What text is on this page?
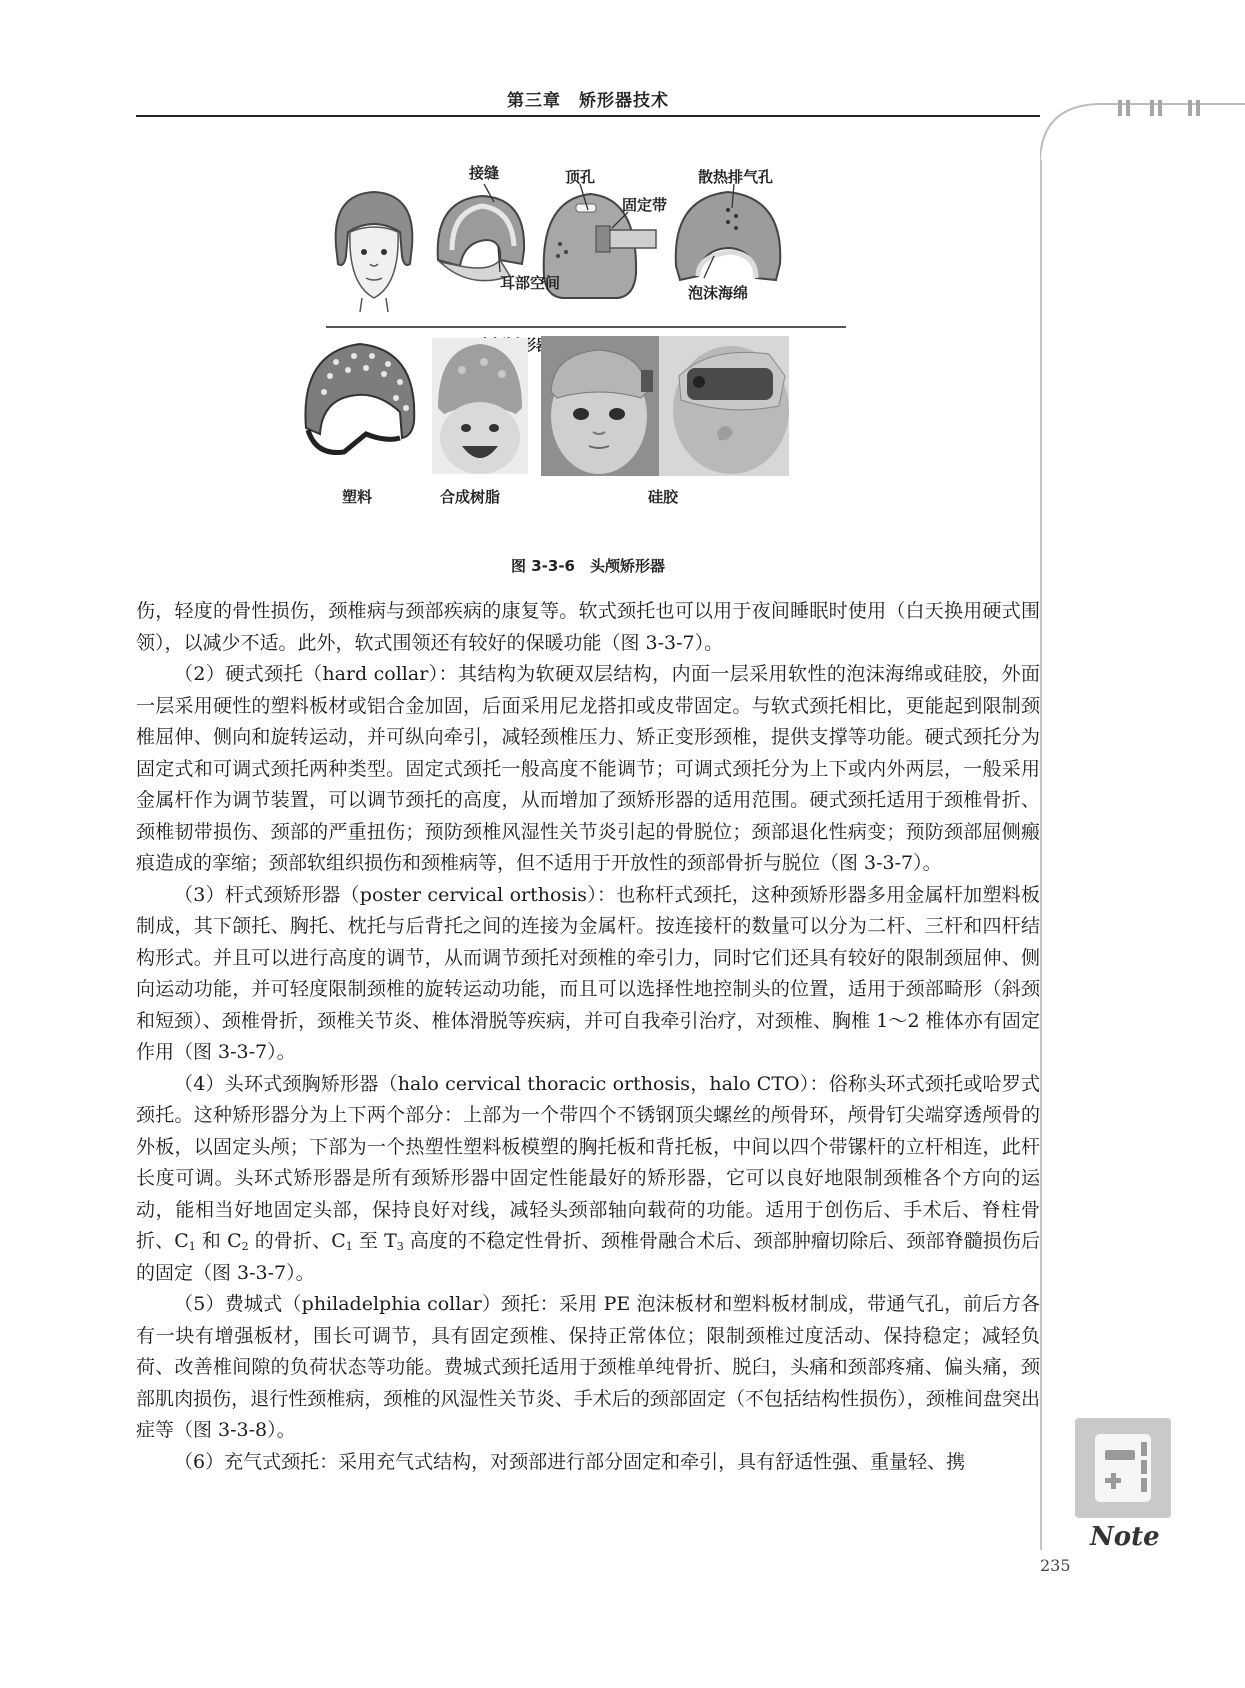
第三章　矫形器技术
Note
235
接缝	顶孔	散热排气孔
固定带
耳部空间
泡沫海绵
塑料	合成树脂	硅胶
图 3-3-6　头颅矫形器

伤，轻度的骨性损伤，颈椎病与颈部疾病的康复等。软式颈托也可以用于夜间睡眠时使用（白天换用硬式围领），以减少不适。此外，软式围领还有较好的保暖功能（图 3-3-7）。

（2）硬式颈托（hard collar）：其结构为软硬双层结构，内面一层采用软性的泡沫海绵或硅胶，外面一层采用硬性的塑料板材或铝合金加固，后面采用尼龙搭扣或皮带固定。与软式颈托相比，更能起到限制颈椎屈伸、侧向和旋转运动，并可纵向牵引，减轻颈椎压力、矫正变形颈椎，提供支撑等功能。硬式颈托分为固定式和可调式颈托两种类型。固定式颈托一般高度不能调节；可调式颈托分为上下或内外两层，一般采用金属杆作为调节装置，可以调节颈托的高度，从而增加了颈矫形器的适用范围。硬式颈托适用于颈椎骨折、颈椎韧带损伤、颈部的严重扭伤；预防颈椎风湿性关节炎引起的骨脱位；颈部退化性病变；预防颈部屈侧瘢痕造成的挛缩；颈部软组织损伤和颈椎病等，但不适用于开放性的颈部骨折与脱位（图 3-3-7）。

（3）杆式颈矫形器（poster cervical orthosis）：也称杆式颈托，这种颈矫形器多用金属杆加塑料板制成，其下颌托、胸托、枕托与后背托之间的连接为金属杆。按连接杆的数量可以分为二杆、三杆和四杆结构形式。并且可以进行高度的调节，从而调节颈托对颈椎的牵引力，同时它们还具有较好的限制颈屈伸、侧向运动功能，并可轻度限制颈椎的旋转运动功能，而且可以选择性地控制头的位置，适用于颈部畸形（斜颈和短颈）、颈椎骨折，颈椎关节炎、椎体滑脱等疾病，并可自我牵引治疗，对颈椎、胸椎 1～2 椎体亦有固定作用（图 3-3-7）。

（4）头环式颈胸矫形器（halo cervical thoracic orthosis，halo CTO）：俗称头环式颈托或哈罗式颈托。这种矫形器分为上下两个部分：上部为一个带四个不锈钢顶尖螺丝的颅骨环，颅骨钉尖端穿透颅骨的外板，以固定头颅；下部为一个热塑性塑料板模塑的胸托板和背托板，中间以四个带镙杆的立杆相连，此杆长度可调。头环式矫形器是所有颈矫形器中固定性能最好的矫形器，它可以良好地限制颈椎各个方向的运动，能相当好地固定头部，保持良好对线，减轻头颈部轴向载荷的功能。适用于创伤后、手术后、脊柱骨折、$C_1$ 和 $C_2$ 的骨折、$C_1$ 至 $T_3$ 高度的不稳定性骨折、颈椎骨融合术后、颈部肿瘤切除后、颈部脊髓损伤后的固定（图 3-3-7）。

（5）费城式（philadelphia collar）颈托：采用 PE 泡沫板材和塑料板材制成，带通气孔，前后方各有一块有增强板材，围长可调节，具有固定颈椎、保持正常体位；限制颈椎过度活动、保持稳定；减轻负荷、改善椎间隙的负荷状态等功能。费城式颈托适用于颈椎单纯骨折、脱臼，头痛和颈部疼痛、偏头痛，颈部肌肉损伤，退行性颈椎病，颈椎的风湿性关节炎、手术后的颈部固定（不包括结构性损伤），颈椎间盘突出症等（图 3-3-8）。

（6）充气式颈托：采用充气式结构，对颈部进行部分固定和牵引，具有舒适性强、重量轻、携
